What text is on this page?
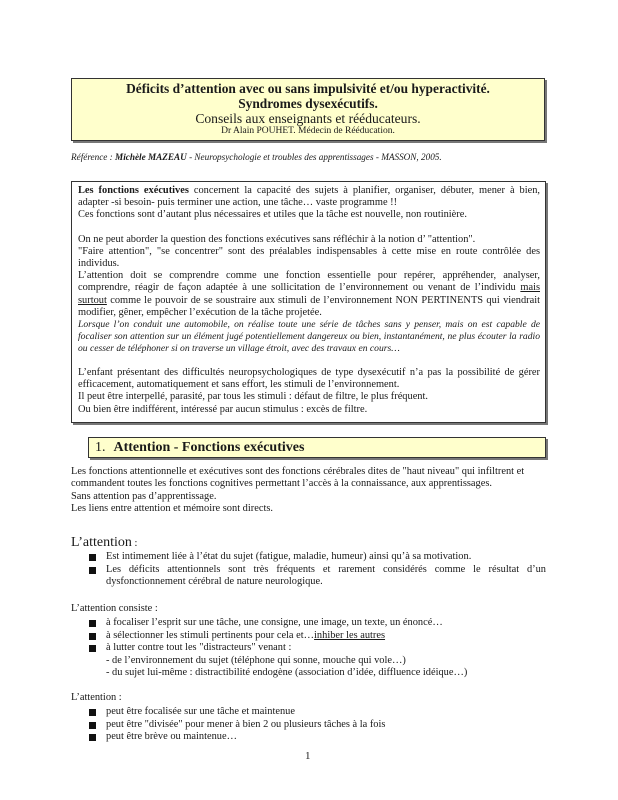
Déficits d’attention avec ou sans impulsivité et/ou hyperactivité.
Syndromes dysexécutifs.
Conseils aux enseignants et rééducateurs.
Dr Alain POUHET. Médecin de Rééducation.
Référence : Michèle MAZEAU - Neuropsychologie et troubles des apprentissages - MASSON, 2005.

Les fonctions exécutives concernent la capacité des sujets à planifier, organiser, débuter, mener à bien, adapter -si besoin- puis terminer une action, une tâche… vaste programme !!

Ces fonctions sont d’autant plus nécessaires et utiles que la tâche est nouvelle, non routinière.

On ne peut aborder la question des fonctions exécutives sans réfléchir à la notion d’ "attention".

"Faire attention", "se concentrer" sont des préalables indispensables à cette mise en route contrôlée des individus.

L’attention doit se comprendre comme une fonction essentielle pour repérer, appréhender, analyser, comprendre, réagir de façon adaptée à une sollicitation de l’environnement ou venant de l’individu mais surtout comme le pouvoir de se soustraire aux stimuli de l’environnement NON PERTINENTS qui viendrait modifier, gêner, empêcher l’exécution de la tâche projetée.

Lorsque l’on conduit une automobile, on réalise toute une série de tâches sans y penser, mais on est capable de focaliser son attention sur un élément jugé potentiellement dangereux ou bien, instantanément, ne plus écouter la radio ou cesser de téléphoner si on traverse un village étroit, avec des travaux en cours…

L’enfant présentant des difficultés neuropsychologiques de type dysexécutif n’a pas la possibilité de gérer efficacement, automatiquement et sans effort, les stimuli de l’environnement.

Il peut être interpellé, parasité, par tous les stimuli : défaut de filtre, le plus fréquent.

Ou bien être indifférent, intéressé par aucun stimulus : excès de filtre.

1. Attention - Fonctions exécutives

Les fonctions attentionnelle et exécutives sont des fonctions cérébrales dites de "haut niveau" qui infiltrent et commandent toutes les fonctions cognitives permettant l’accès à la connaissance, aux apprentissages.

Sans attention pas d’apprentissage.

Les liens entre attention et mémoire sont directs.

L’attention :
Est intimement liée à l’état du sujet (fatigue, maladie, humeur) ainsi qu’à sa motivation.
Les déficits attentionnels sont très fréquents et rarement considérés comme le résultat d’un dysfonctionnement cérébral de nature neurologique.
L’attention consiste :
à focaliser l’esprit sur une tâche, une consigne, une image, un texte, un énoncé…
à sélectionner les stimuli pertinents pour cela et…inhiber les autres
à lutter contre tout les "distracteurs" venant :
- de l’environnement du sujet (téléphone qui sonne, mouche qui vole…)
- du sujet lui-même : distractibilité endogène (association d’idée, diffluence idéique…)
L’attention :
peut être focalisée sur une tâche et maintenue
peut être "divisée" pour mener à bien 2 ou plusieurs tâches à la fois
peut être brève ou maintenue…
1
